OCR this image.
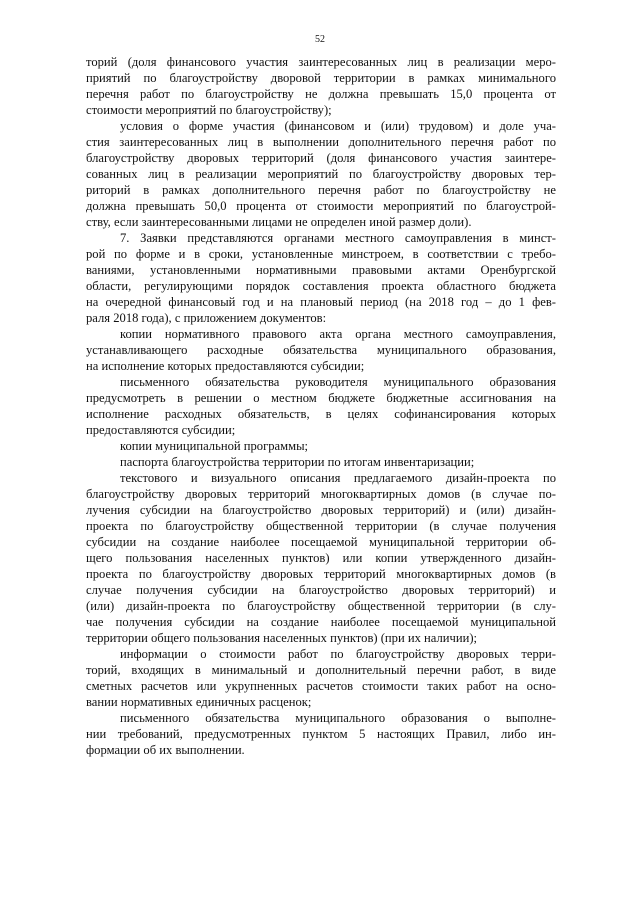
52
торий (доля финансового участия заинтересованных лиц в реализации меро-
приятий по благоустройству дворовой территории в рамках минимального
перечня работ по благоустройству не должна превышать 15,0 процента от
стоимости мероприятий по благоустройству);
условия о форме участия (финансовом и (или) трудовом) и доле уча-
стия заинтересованных лиц в выполнении дополнительного перечня работ по
благоустройству дворовых территорий (доля финансового участия заинтере-
сованных лиц в реализации мероприятий по благоустройству дворовых тер-
риторий в рамках дополнительного перечня работ по благоустройству не
должна превышать 50,0 процента от стоимости мероприятий по благоустрой-
ству, если заинтересованными лицами не определен иной размер доли).
7. Заявки представляются органами местного самоуправления в минст-
рой по форме и в сроки, установленные минстроем, в соответствии с требо-
ваниями, установленными нормативными правовыми актами Оренбургской
области, регулирующими порядок составления проекта областного бюджета
на очередной финансовый год и на плановый период (на 2018 год – до 1 фев-
раля 2018 года), с приложением документов:
копии нормативного правового акта органа местного самоуправления,
устанавливающего расходные обязательства муниципального образования,
на исполнение которых предоставляются субсидии;
письменного обязательства руководителя муниципального образования
предусмотреть в решении о местном бюджете бюджетные ассигнования на
исполнение расходных обязательств, в целях софинансирования которых
предоставляются субсидии;
копии муниципальной программы;
паспорта благоустройства территории по итогам инвентаризации;
текстового и визуального описания предлагаемого дизайн-проекта по
благоустройству дворовых территорий многоквартирных домов (в случае по-
лучения субсидии на благоустройство дворовых территорий) и (или) дизайн-
проекта по благоустройству общественной территории (в случае получения
субсидии на создание наиболее посещаемой муниципальной территории об-
щего пользования населенных пунктов) или копии утвержденного дизайн-
проекта по благоустройству дворовых территорий многоквартирных домов (в
случае получения субсидии на благоустройство дворовых территорий) и
(или) дизайн-проекта по благоустройству общественной территории (в слу-
чае получения субсидии на создание наиболее посещаемой муниципальной
территории общего пользования населенных пунктов) (при их наличии);
информации о стоимости работ по благоустройству дворовых терри-
торий, входящих в минимальный и дополнительный перечни работ, в виде
сметных расчетов или укрупненных расчетов стоимости таких работ на осно-
вании нормативных единичных расценок;
письменного обязательства муниципального образования о выполне-
нии требований, предусмотренных пунктом 5 настоящих Правил, либо ин-
формации об их выполнении.
